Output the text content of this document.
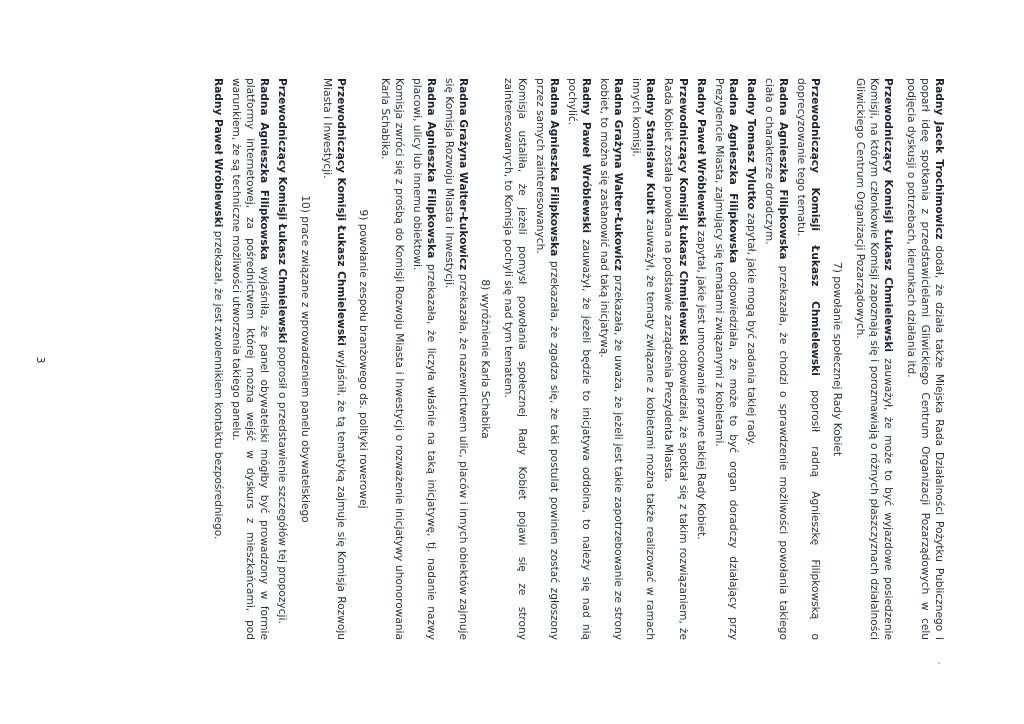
Radny Jacek Trochimowicz dodał, że działa także Miejska Rada Działalności Pożytku Publicznego i poparł ideę spotkania z przedstawicielami Gliwickiego Centrum Organizacji Pozarządowych w celu podjęcia dyskusji o potrzebach, kierunkach działania itd.

Przewodniczący Komisji Łukasz Chmielewski zauważył, że może to być wyjazdowe posiedzenie Komisji, na którym członkowie Komisji zapoznają się i porozmawiają o różnych płaszczyznach działalności Gliwickiego Centrum Organizacji Pozarządowych.

7) powołanie społecznej Rady Kobiet

Przewodniczący Komisji Łukasz Chmielewski poprosił radną Agnieszkę Filipkowską o doprecyzowanie tego tematu.

Radna Agnieszka Filipkowska przekazała, że chodzi o sprawdzenie możliwości powołania takiego ciała o charakterze doradczym.

Radny Tomasz Tylutko zapytał, jakie mogą być zadania takiej rady.

Radna Agnieszka Filipkowska odpowiedziała, że może to być organ doradczy działający przy Prezydencie Miasta, zajmujący się tematami związanymi z kobietami.

Radny Paweł Wróblewski zapytał, jakie jest umocowanie prawne takiej Rady Kobiet.

Przewodniczący Komisji Łukasz Chmielewski odpowiedział, że spotkał się z takim rozwiązaniem, że Rada Kobiet została powołana na podstawie zarządzenia Prezydenta Miasta.

Radny Stanisław Kubit zauważył, że tematy związane z kobietami można także realizować w ramach innych komisji.

Radna Grażyna Walter-Łukowicz przekazała, że uważa, że jeżeli jest takie zapotrzebowanie ze strony kobiet, to można się zastanowić nad taką inicjatywą.

Radny Paweł Wróblewski zauważył, że jeżeli będzie to inicjatywa oddolna, to należy się nad nią pochylić.

Radna Agnieszka Filipkowska przekazała, że zgadza się, że taki postulat powinien zostać zgłoszony przez samych zainteresowanych.

Komisja ustaliła, że jeżeli pomysł powołania społecznej Rady Kobiet pojawi się ze strony zainteresowanych, to Komisja pochyli się nad tym tematem.

8) wyróżnienie Karla Schabika

Radna Grażyna Walter-Łukowicz przekazała, że nazewnictwem ulic, placów i innych obiektów zajmuje się Komisja Rozwoju Miasta i Inwestycji.

Radna Agnieszka Filipkowska przekazała, że liczyła właśnie na taką inicjatywę, tj. nadanie nazwy placowi, ulicy lub innemu obiektowi.

Komisja zwróci się z prośbą do Komisji Rozwoju Miasta i Inwestycji o rozważenie inicjatywy uhonorowania Karla Schabika.

9) powołanie zespołu branżowego ds. polityki rowerowej

Przewodniczący Komisji Łukasz Chmielewski wyjaśnił, że tą tematyką zajmuje się Komisja Rozwoju Miasta i Inwestycji.

10) prace związane z wprowadzeniem panelu obywatelskiego

Przewodniczący Komisji Łukasz Chmielewski poprosił o przedstawienie szczegółów tej propozycji.

Radna Agnieszka Filipkowska wyjaśniła, że panel obywatelski mógłby być prowadzony w formie platformy internetowej, za pośrednictwem której można wejść w dyskurs z mieszkańcami, pod warunkiem, że są techniczne możliwości utworzenia takiego panelu.

Radny Paweł Wróblewski przekazał, że jest zwolennikiem kontaktu bezpośredniego.

3
